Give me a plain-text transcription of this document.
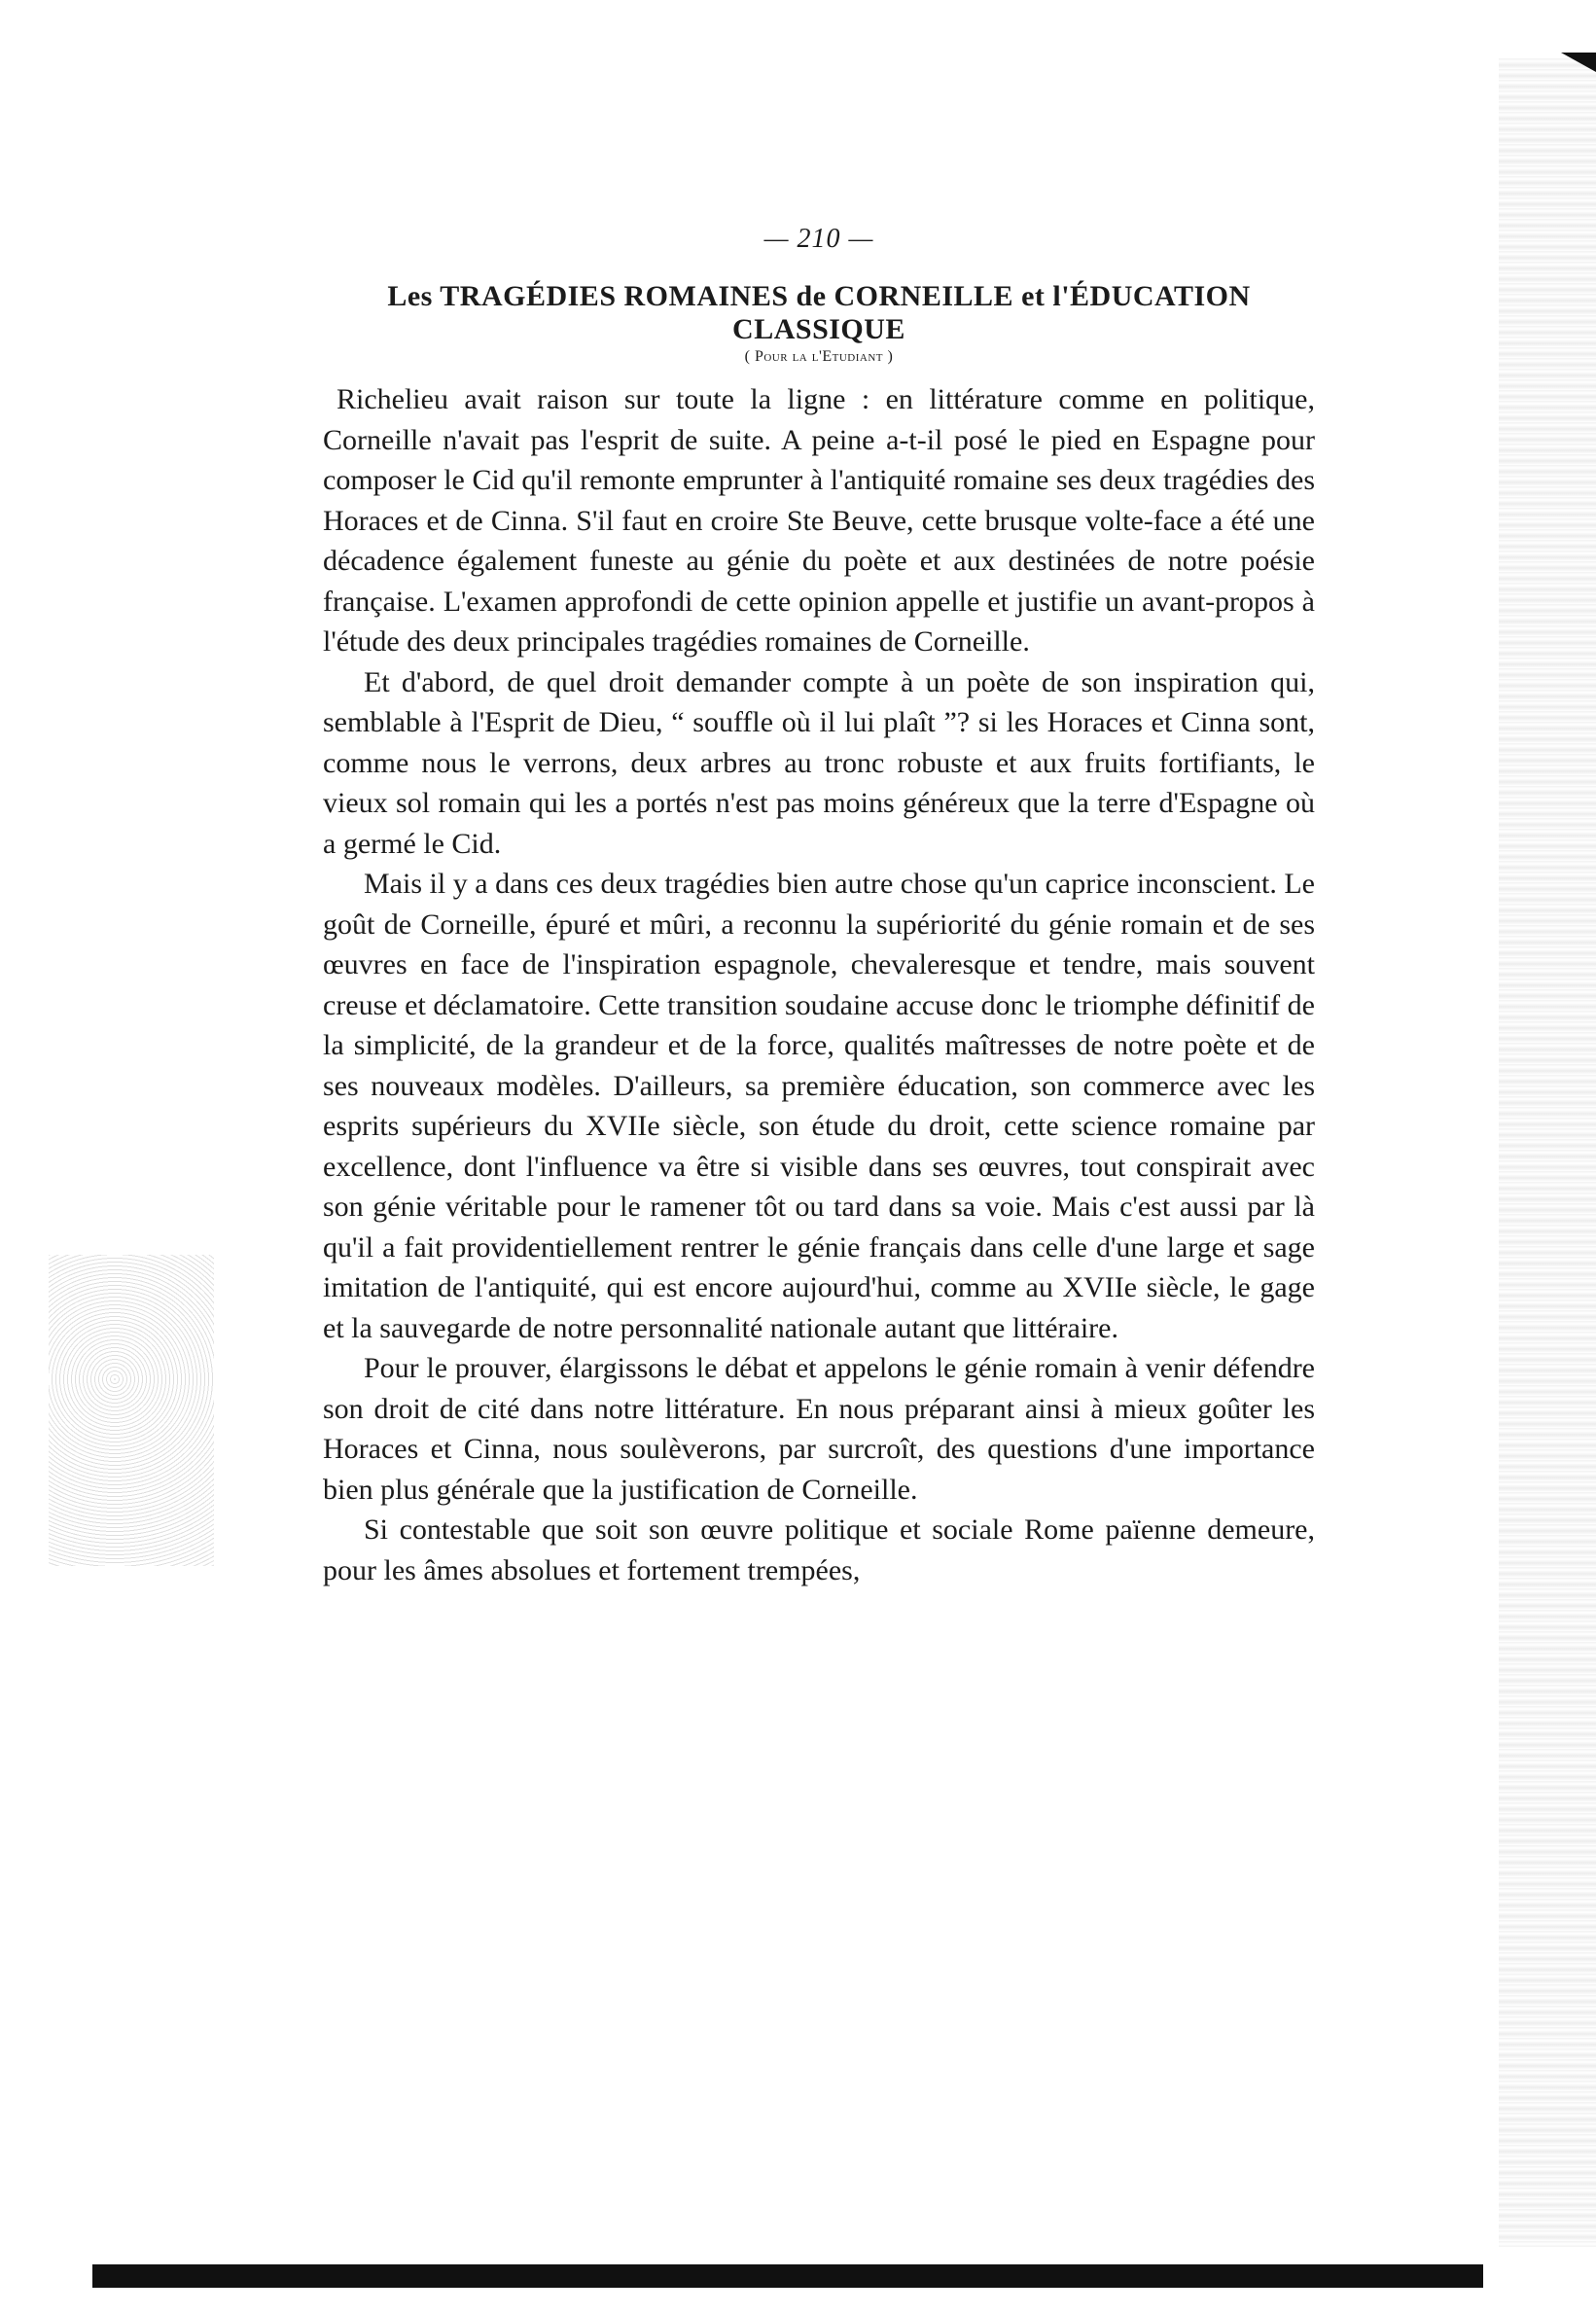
— 210 —
Les TRAGÉDIES ROMAINES de CORNEILLE et l'ÉDUCATION
CLASSIQUE
( Pour la l'Etudiant )

Richelieu avait raison sur toute la ligne : en littérature comme en politique, Corneille n'avait pas l'esprit de suite. A peine a-t-il posé le pied en Espagne pour composer le Cid qu'il remonte emprunter à l'antiquité romaine ses deux tragédies des Horaces et de Cinna. S'il faut en croire Ste Beuve, cette brusque volte-face a été une décadence également funeste au génie du poète et aux destinées de notre poésie française. L'examen approfondi de cette opinion appelle et justifie un avant-propos à l'étude des deux principales tragédies romaines de Corneille.

Et d'abord, de quel droit demander compte à un poète de son inspiration qui, semblable à l'Esprit de Dieu, “ souffle où il lui plaît ”? si les Horaces et Cinna sont, comme nous le verrons, deux arbres au tronc robuste et aux fruits fortifiants, le vieux sol romain qui les a portés n'est pas moins généreux que la terre d'Espagne où a germé le Cid.

Mais il y a dans ces deux tragédies bien autre chose qu'un caprice inconscient. Le goût de Corneille, épuré et mûri, a reconnu la supériorité du génie romain et de ses œuvres en face de l'inspiration espagnole, chevaleresque et tendre, mais souvent creuse et déclamatoire. Cette transition soudaine accuse donc le triomphe définitif de la simplicité, de la grandeur et de la force, qualités maîtresses de notre poète et de ses nouveaux modèles. D'ailleurs, sa première éducation, son commerce avec les esprits supérieurs du XVIIe siècle, son étude du droit, cette science romaine par excellence, dont l'influence va être si visible dans ses œuvres, tout conspirait avec son génie véritable pour le ramener tôt ou tard dans sa voie. Mais c'est aussi par là qu'il a fait providentiellement rentrer le génie français dans celle d'une large et sage imitation de l'antiquité, qui est encore aujourd'hui, comme au XVIIe siècle, le gage et la sauvegarde de notre personnalité nationale autant que littéraire.

Pour le prouver, élargissons le débat et appelons le génie romain à venir défendre son droit de cité dans notre littérature. En nous préparant ainsi à mieux goûter les Horaces et Cinna, nous soulèverons, par surcroît, des questions d'une importance bien plus générale que la justification de Corneille.

Si contestable que soit son œuvre politique et sociale Rome païenne demeure, pour les âmes absolues et fortement trempées,
